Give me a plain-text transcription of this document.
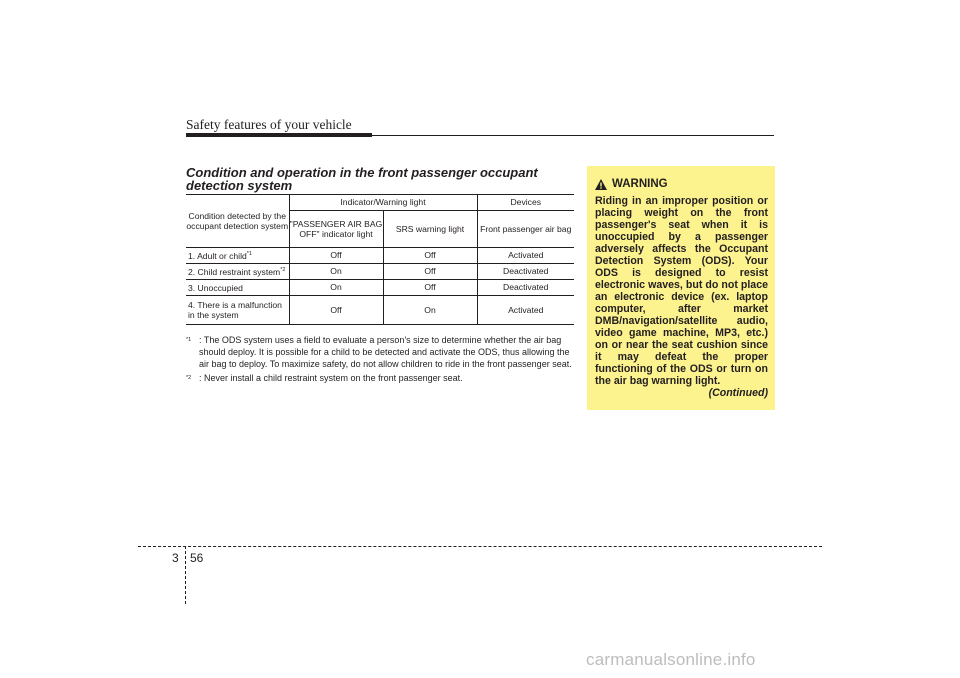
Safety features of your vehicle
Condition and operation in the front passenger occupant detection system
Condition detected by the occupant detection system	Indicator/Warning light		Devices
	"PASSENGER AIR BAG OFF" indicator light	SRS warning light	Front passenger air bag
1. Adult or child$^{*1}$	Off	Off	Activated
2. Child restraint system$^{*2}$	On	Off	Deactivated
3. Unoccupied	On	Off	Deactivated

4. There is a malfunction in the system	Off	On	Activated
$^{*1}$ : The ODS system uses a field to evaluate a person's size to determine whether the air bag should deploy. It is possible for a child to be detected and activate the ODS, thus allowing the air bag to deploy. To maximize safety, do not allow children to ride in the front passenger seat.
$^{*2}$ : Never install a child restraint system on the front passenger seat.
WARNING
Riding in an improper position or placing weight on the front passenger's seat when it is unoccupied by a passenger adversely affects the Occupant Detection System (ODS). Your ODS is designed to resist electronic waves, but do not place an electronic device (ex. laptop computer, after market DMB/navigation/satellite audio, video game machine, MP3, etc.) on or near the seat cushion since it may defeat the proper functioning of the ODS or turn on the air bag warning light.
(Continued)
3 56
carmanualsonline.info
